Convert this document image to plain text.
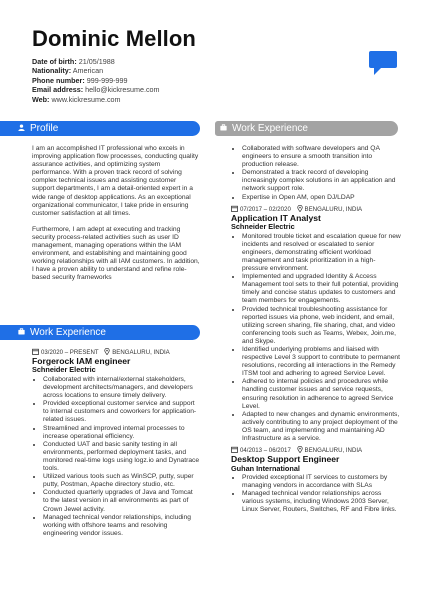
Dominic Mellon
Date of birth: 21/05/1988
Nationality: American
Phone number: 999-999-999
Email address: hello@kickresume.com
Web: www.kickresume.com
Profile

I am an accomplished IT professional who excels in improving application flow processes, conducting quality assurance activities, and optimizing system performance. With a proven track record of solving complex technical issues and assisting customer support departments, I am a detail-oriented expert in a wide range of desktop applications. As an exceptional organizational communicator, I take pride in ensuring customer satisfaction at all times.

Furthermore, I am adept at executing and tracking security process-related activities such as user ID management, managing operations within the IAM environment, and establishing and maintaining good working relationships with all IAM customers. In addition, I have a proven ability to understand and refine role-based security frameworks

Work Experience
03/2020 – PRESENT BENGALURU, INDIA
Forgerock IAM engineer
Schneider Electric
• Collaborated with internal/external stakeholders, development architects/managers, and developers across locations to ensure timely delivery.
• Provided exceptional customer service and support to internal customers and coworkers for application-related issues.
• Streamlined and improved internal processes to increase operational efficiency.
• Conducted UAT and basic sanity testing in all environments, performed deployment tasks, and monitored real-time logs using logz.io and Dynatrace tools.
• Utilized various tools such as WinSCP, putty, super putty, Postman, Apache directory studio, etc.
• Conducted quarterly upgrades of Java and Tomcat to the latest version in all environments as part of Crown Jewel activity.
• Managed technical vendor relationships, including working with offshore teams and resolving engineering vendor issues.
Work Experience
• Collaborated with software developers and QA engineers to ensure a smooth transition into production release.
• Demonstrated a track record of developing increasingly complex solutions in an application and network support role.
• Expertise in Open AM, open DJ/LDAP
07/2017 – 02/2020 BENGALURU, INDIA
Application IT Analyst
Schneider Electric
• Monitored trouble ticket and escalation queue for new incidents and resolved or escalated to senior engineers, demonstrating efficient workload management and task prioritization in a high-pressure environment.
• Implemented and upgraded Identity & Access Management tool sets to their full potential, providing timely and concise status updates to customers and team members for engagements.
• Provided technical troubleshooting assistance for reported issues via phone, web incident, and email, utilizing screen sharing, file sharing, chat, and video conferencing tools such as Teams, Webex, Join.me, and Skype.
• Identified underlying problems and liaised with respective Level 3 support to contribute to permanent resolutions, recording all interactions in the Remedy ITSM tool and adhering to agreed Service Level.
• Adhered to internal policies and procedures while handling customer issues and service requests, ensuring resolution in adherence to agreed Service Level.
• Adapted to new changes and dynamic environments, actively contributing to any project deployment of the OS team, and implementing and maintaining AD Infrastructure as a service.
04/2013 – 06/2017 BENGALURU, INDIA
Desktop Support Engineer
Guhan International
• Provided exceptional IT services to customers by managing vendors in accordance with SLAs
• Managed technical vendor relationships across various systems, including Windows 2003 Server, Linux Server, Routers, Switches, RF and Fibre links.
